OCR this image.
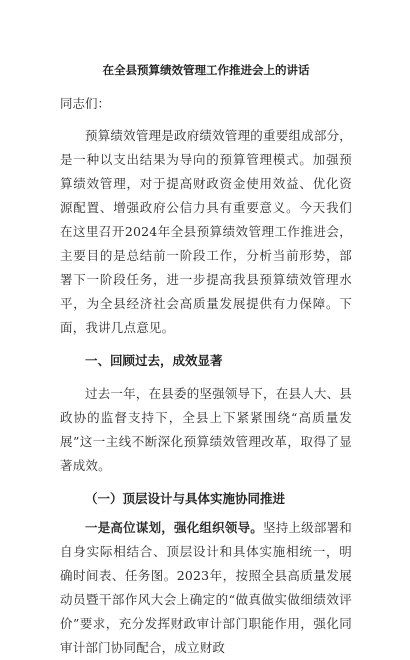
在全县预算绩效管理工作推进会上的讲话

同志们：

预算绩效管理是政府绩效管理的重要组成部分，是一种以支出结果为导向的预算管理模式。加强预算绩效管理，对于提高财政资金使用效益、优化资源配置、增强政府公信力具有重要意义。今天我们在这里召开2024年全县预算绩效管理工作推进会，主要目的是总结前一阶段工作，分析当前形势，部署下一阶段任务，进一步提高我县预算绩效管理水平，为全县经济社会高质量发展提供有力保障。下面，我讲几点意见。

一、回顾过去，成效显著

过去一年，在县委的坚强领导下，在县人大、县政协的监督支持下，全县上下紧紧围绕“高质量发展”这一主线不断深化预算绩效管理改革，取得了显著成效。

（一）顶层设计与具体实施协同推进

一是高位谋划，强化组织领导。坚持上级部署和自身实际相结合、顶层设计和具体实施相统一，明确时间表、任务图。2023年，按照全县高质量发展动员暨干部作风大会上确定的“做真做实做细绩效评价”要求，充分发挥财政审计部门职能作用，强化同审计部门协同配合，成立财政
